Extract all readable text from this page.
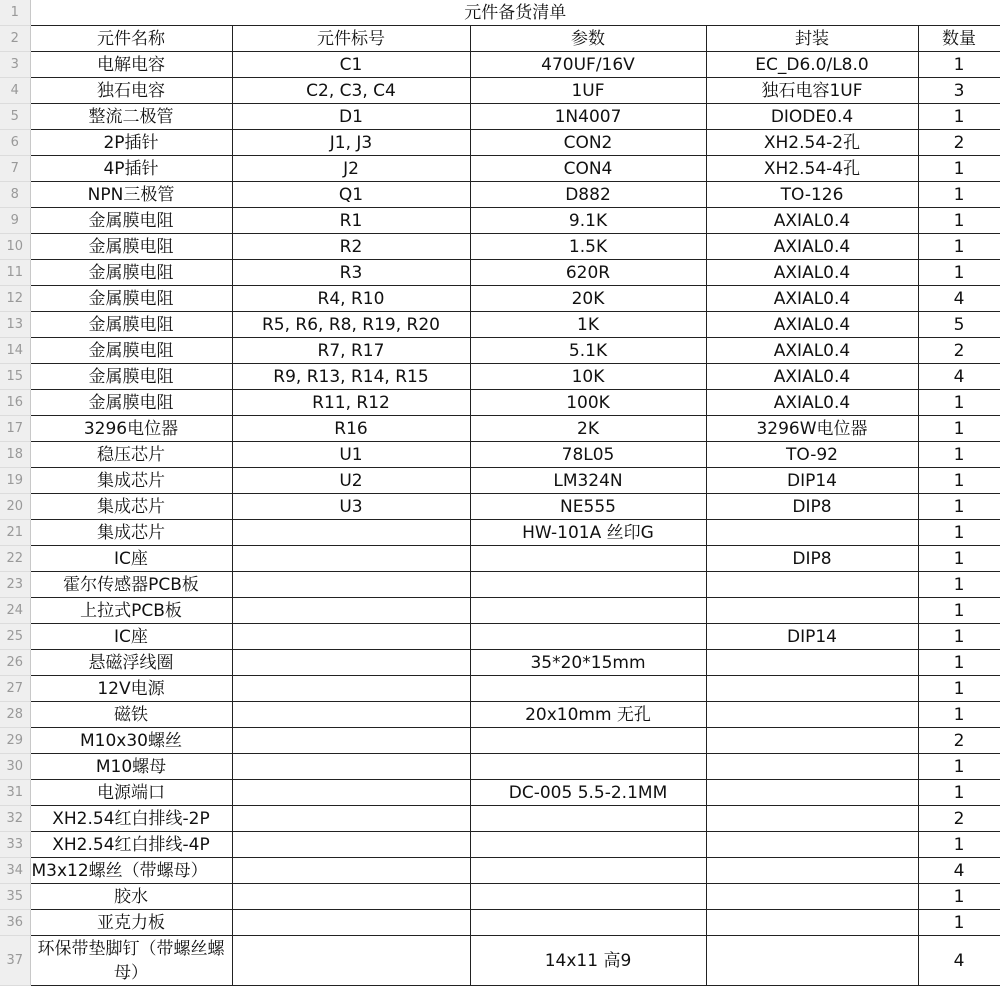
1	元件备货清单				
2	元件名称	元件标号	参数	封装	数量
3	电解电容	C1	470UF/16V	EC_D6.0/L8.0	1
4	独石电容	C2, C3, C4	1UF	独石电容1UF	3
5	整流二极管	D1	1N4007	DIODE0.4	1
6	2P插针	J1, J3	CON2	XH2.54-2孔	2
7	4P插针	J2	CON4	XH2.54-4孔	1
8	NPN三极管	Q1	D882	TO-126	1
9	金属膜电阻	R1	9.1K	AXIAL0.4	1
10	金属膜电阻	R2	1.5K	AXIAL0.4	1
11	金属膜电阻	R3	620R	AXIAL0.4	1
12	金属膜电阻	R4, R10	20K	AXIAL0.4	4
13	金属膜电阻	R5, R6, R8, R19, R20	1K	AXIAL0.4	5
14	金属膜电阻	R7, R17	5.1K	AXIAL0.4	2
15	金属膜电阻	R9, R13, R14, R15	10K	AXIAL0.4	4
16	金属膜电阻	R11, R12	100K	AXIAL0.4	1
17	3296电位器	R16	2K	3296W电位器	1
18	稳压芯片	U1	78L05	TO-92	1
19	集成芯片	U2	LM324N	DIP14	1
20	集成芯片	U3	NE555	DIP8	1
21	集成芯片		HW-101A 丝印G		1
22	IC座			DIP8	1
23	霍尔传感器PCB板				1
24	上拉式PCB板				1
25	IC座			DIP14	1
26	悬磁浮线圈		35*20*15mm		1
27	12V电源				1
28	磁铁		20x10mm 无孔		1
29	M10x30螺丝				2
30	M10螺母				1
31	电源端口		DC-005 5.5-2.1MM		1
32	XH2.54红白排线-2P				2
33	XH2.54红白排线-4P				1
34	M3x12螺丝（带螺母）				4
35	胶水				1
36	亚克力板				1
37	环保带垫脚钉（带螺丝螺母）		14x11 高9		4
